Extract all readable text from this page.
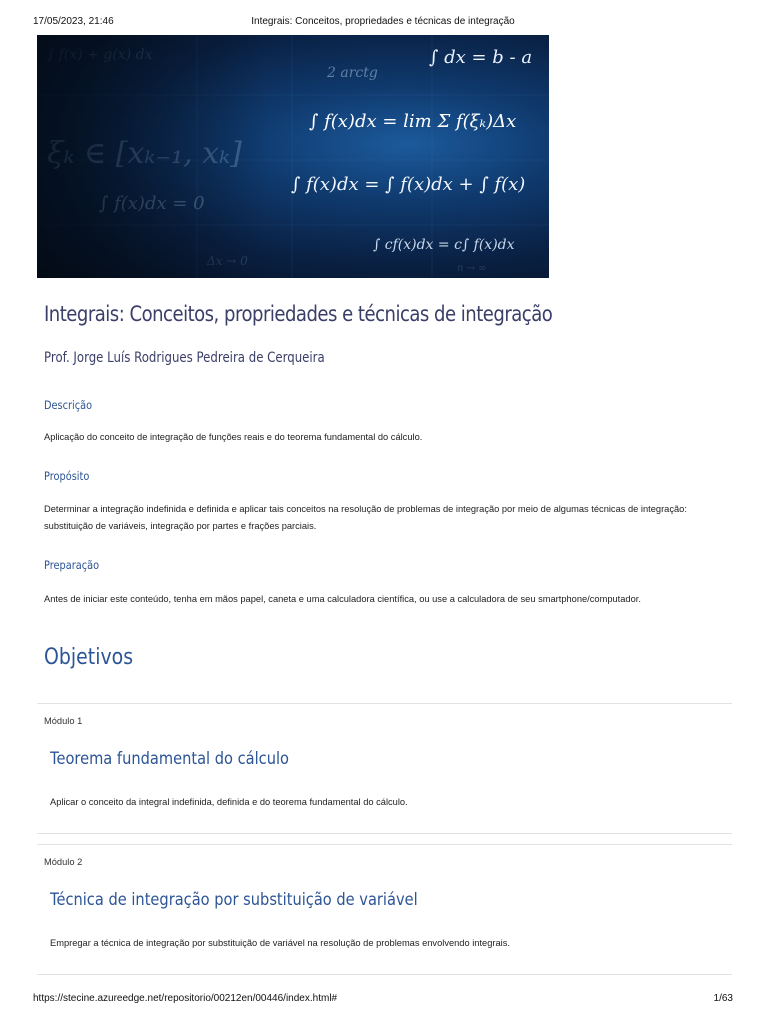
17/05/2023, 21:46	Integrais: Conceitos, propriedades e técnicas de integração
Integrais: Conceitos, propriedades e técnicas de integração
Prof. Jorge Luís Rodrigues Pedreira de Cerqueira
Descrição
Aplicação do conceito de integração de funções reais e do teorema fundamental do cálculo.
Propósito
Determinar a integração indefinida e definida e aplicar tais conceitos na resolução de problemas de integração por meio de algumas técnicas de integração: substituição de variáveis, integração por partes e frações parciais.
Preparação
Antes de iniciar este conteúdo, tenha em mãos papel, caneta e uma calculadora científica, ou use a calculadora de seu smartphone/computador.
Objetivos
Módulo 1
Teorema fundamental do cálculo
Aplicar o conceito da integral indefinida, definida e do teorema fundamental do cálculo.
Módulo 2
Técnica de integração por substituição de variável
Empregar a técnica de integração por substituição de variável na resolução de problemas envolvendo integrais.
https://stecine.azureedge.net/repositorio/00212en/00446/index.html#	1/63
